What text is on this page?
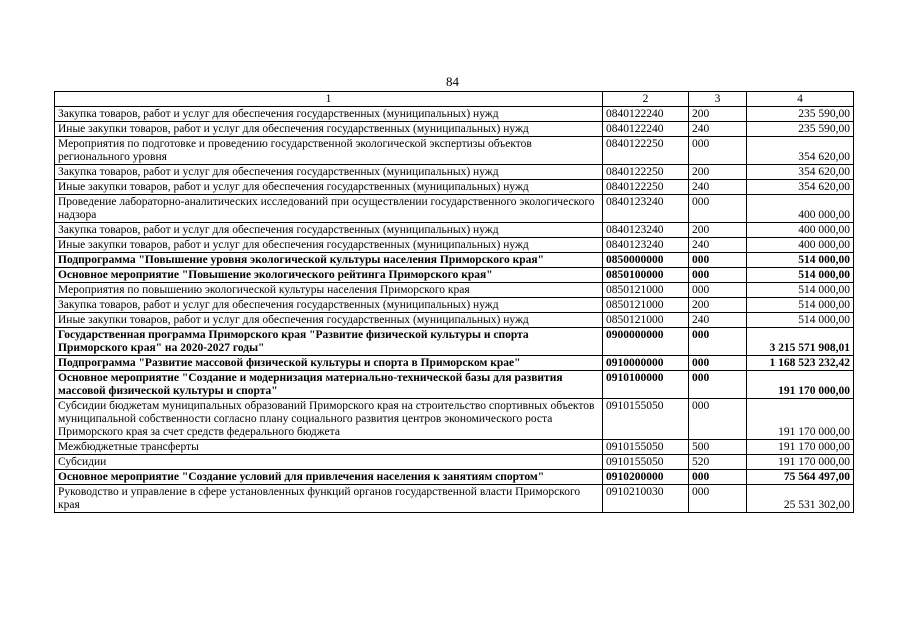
84
1	2	3	4
Закупка товаров, работ и услуг для обеспечения государственных (муниципальных) нужд	0840122240	200	235 590,00
Иные закупки товаров, работ и услуг для обеспечения государственных (муниципальных) нужд	0840122240	240	235 590,00
Мероприятия по подготовке и проведению государственной экологической экспертизы объектов регионального уровня	0840122250	000	354 620,00
Закупка товаров, работ и услуг для обеспечения государственных (муниципальных) нужд	0840122250	200	354 620,00
Иные закупки товаров, работ и услуг для обеспечения государственных (муниципальных) нужд	0840122250	240	354 620,00
Проведение лабораторно-аналитических исследований при осуществлении государственного экологического надзора	0840123240	000	400 000,00
Закупка товаров, работ и услуг для обеспечения государственных (муниципальных) нужд	0840123240	200	400 000,00
Иные закупки товаров, работ и услуг для обеспечения государственных (муниципальных) нужд	0840123240	240	400 000,00
Подпрограмма "Повышение уровня экологической культуры населения Приморского края"	0850000000	000	514 000,00
Основное мероприятие "Повышение экологического рейтинга Приморского края"	0850100000	000	514 000,00
Мероприятия по повышению экологической культуры населения Приморского края	0850121000	000	514 000,00
Закупка товаров, работ и услуг для обеспечения государственных (муниципальных) нужд	0850121000	200	514 000,00
Иные закупки товаров, работ и услуг для обеспечения государственных (муниципальных) нужд	0850121000	240	514 000,00
Государственная программа Приморского края "Развитие физической культуры и спорта Приморского края" на 2020-2027 годы"	0900000000	000	3 215 571 908,01
Подпрограмма "Развитие массовой физической культуры и спорта в Приморском крае"	0910000000	000	1 168 523 232,42
Основное мероприятие "Создание и модернизация материально-технической базы для развития массовой физической культуры и спорта"	0910100000	000	191 170 000,00
Субсидии бюджетам муниципальных образований Приморского края на строительство спортивных объектов муниципальной собственности согласно плану социального развития центров экономического роста Приморского края за счет средств федерального бюджета	0910155050	000	191 170 000,00
Межбюджетные трансферты	0910155050	500	191 170 000,00
Субсидии	0910155050	520	191 170 000,00
Основное мероприятие "Создание условий для привлечения населения к занятиям спортом"	0910200000	000	75 564 497,00
Руководство и управление в сфере установленных функций органов государственной власти Приморского края	0910210030	000	25 531 302,00
